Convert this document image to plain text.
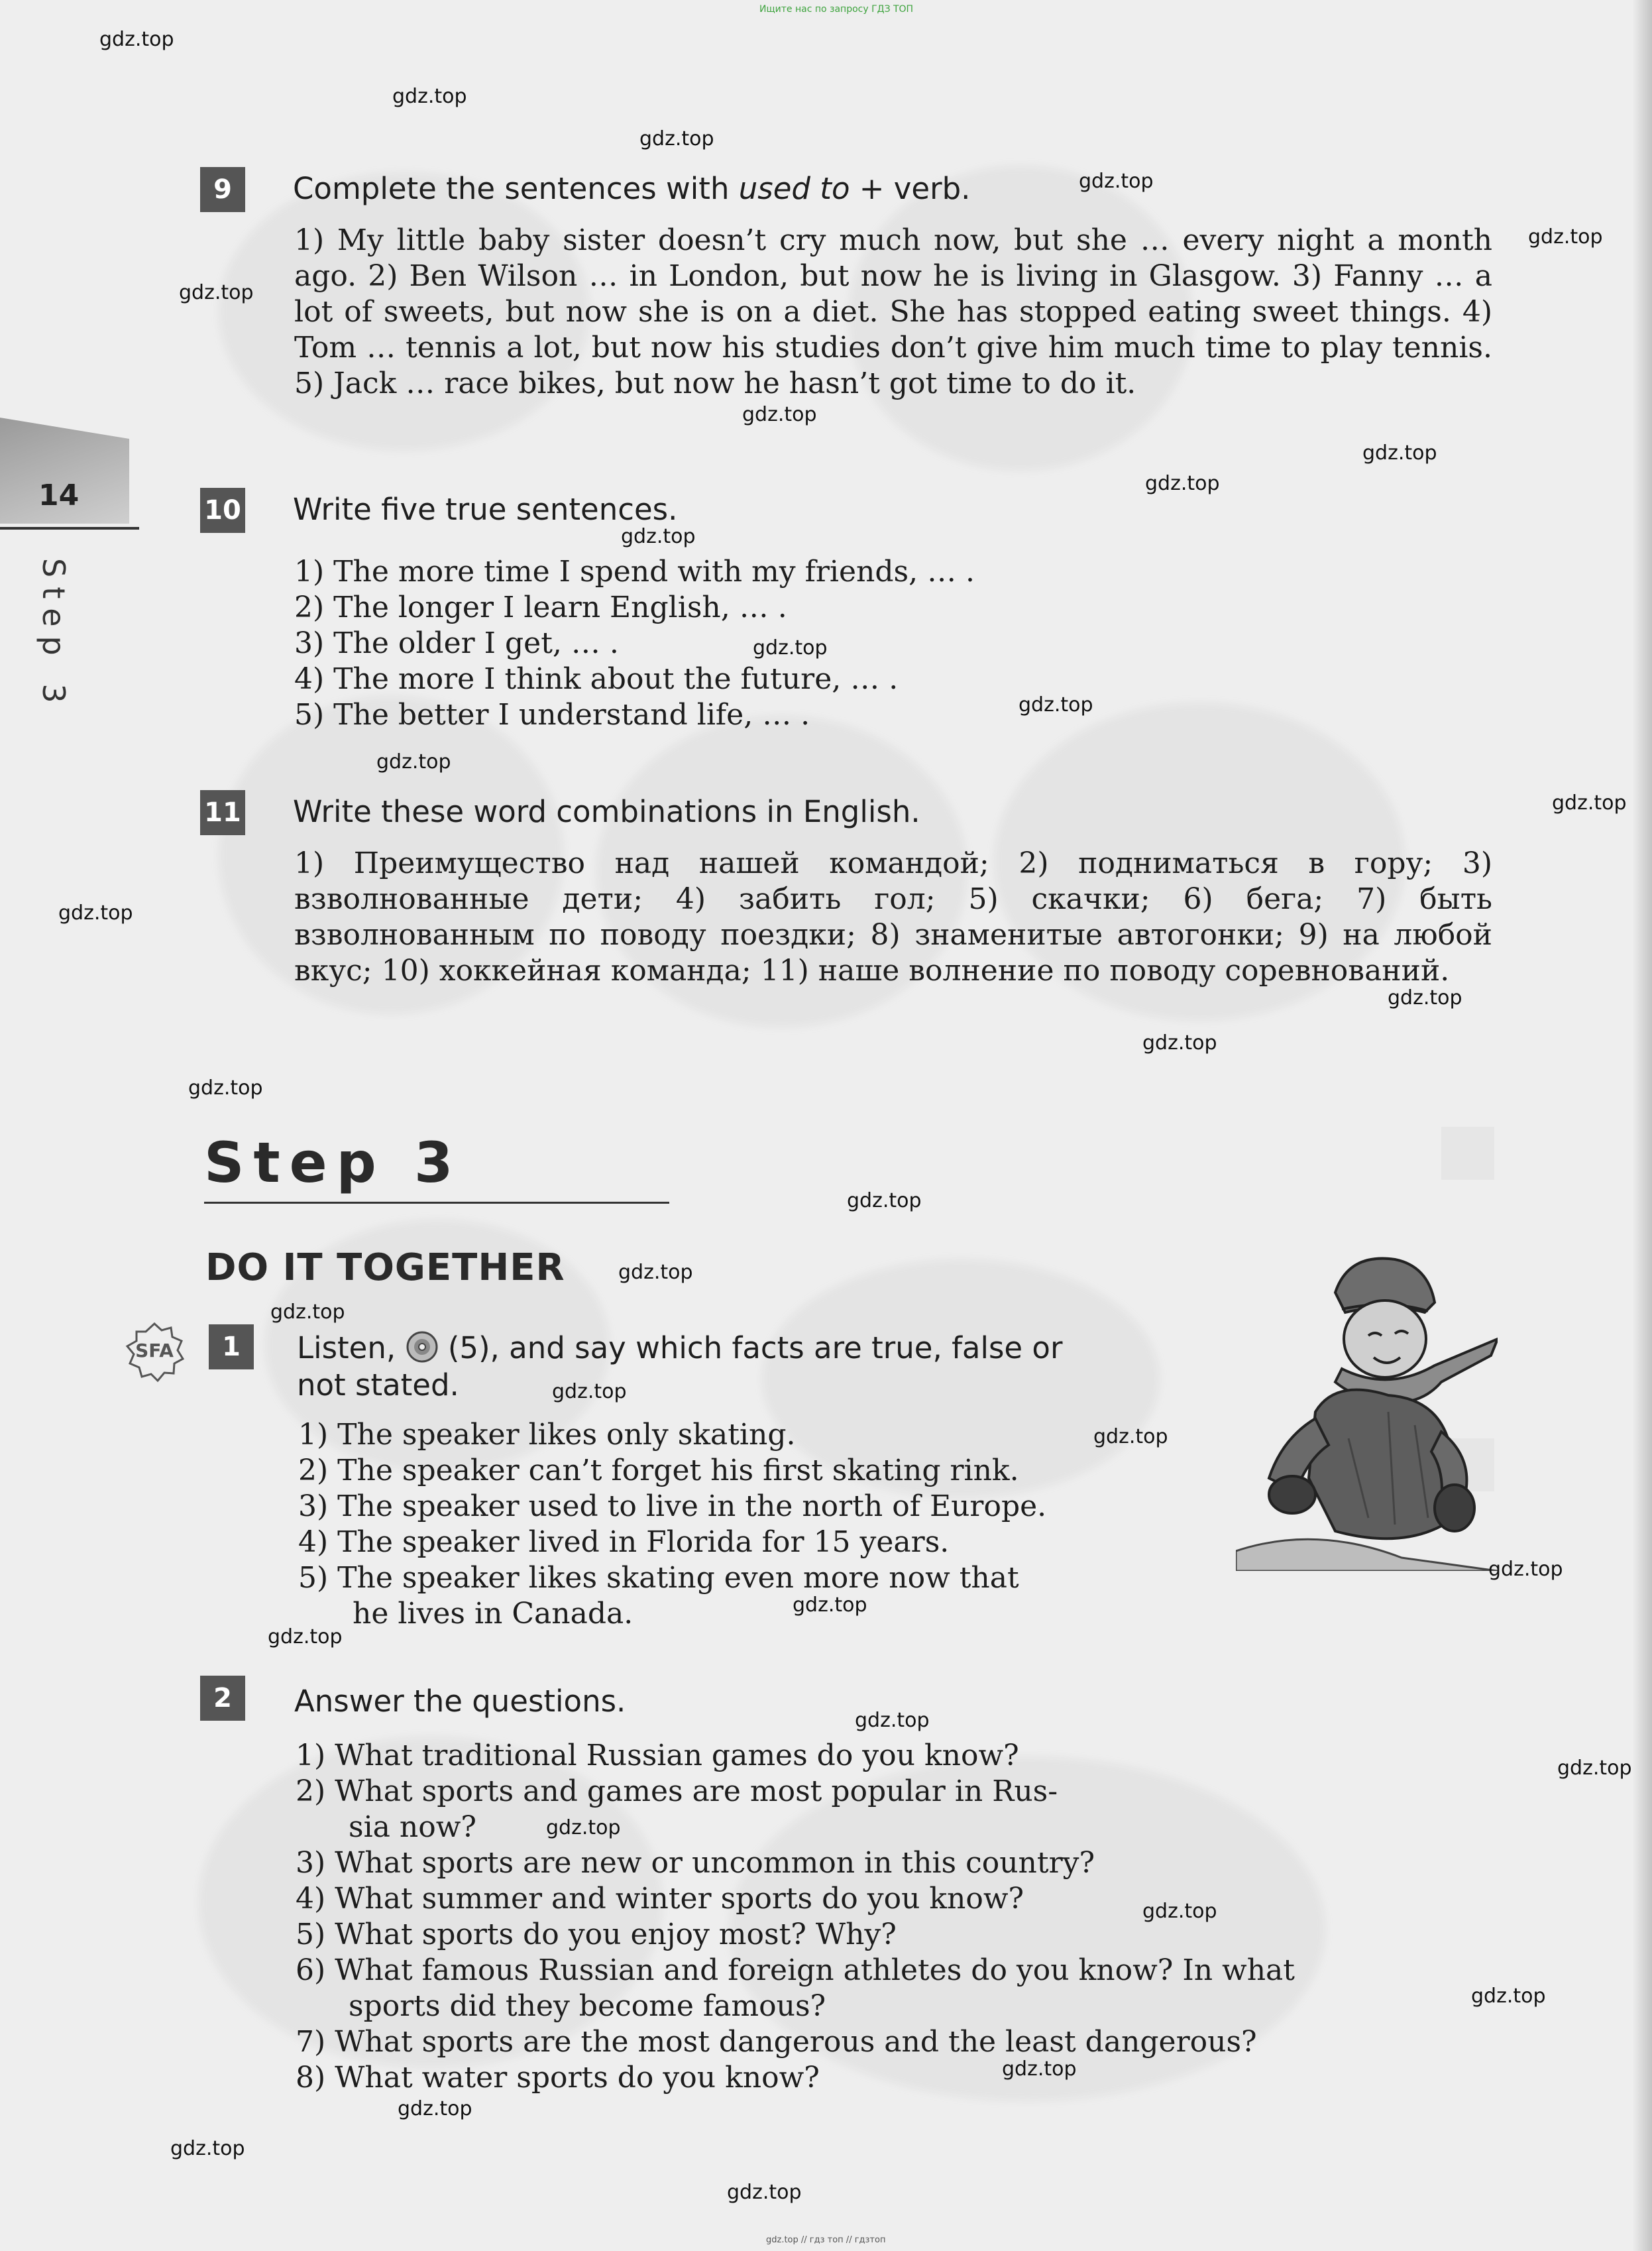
Ищите нас по запросу ГДЗ ТОП
gdz.top // гдз топ // гдзтоп
14
Step 3
9	Complete the sentences with used to + verb.
1) My little baby sister doesn’t cry much now, but she … every night a month ago. 2) Ben Wilson … in London, but now he is living in Glasgow. 3) Fanny … a lot of sweets, but now she is on a diet. She has stopped eating sweet things. 4) Tom … tennis a lot, but now his studies don’t give him much time to play tennis. 5) Jack … race bikes, but now he hasn’t got time to do it.
10 Write five true sentences.
1) The more time I spend with my friends, … .
2) The longer I learn English, … .
3) The older I get, … .
4) The more I think about the future, … .
5) The better I understand life, … .
11 Write these word combinations in English.
1) Преимущество над нашей командой; 2) подниматься в гору; 3) взволнованные дети; 4) забить гол; 5) скачки; 6) бега; 7) быть взволнованным по поводу поездки; 8) знаменитые автогонки; 9) на любой вкус; 10) хоккейная команда; 11) наше волнение по поводу соревнований.
Step 3
DO IT TOGETHER
SFA	1	Listen, (5), and say which facts are true, false or
not stated.
1) The speaker likes only skating.
2) The speaker can’t forget his first skating rink.
3) The speaker used to live in the north of Europe.
4) The speaker lived in Florida for 15 years.
5) The speaker likes skating even more now that
he lives in Canada.
2	Answer the questions.
1) What traditional Russian games do you know?
2) What sports and games are most popular in Rus-
sia now?
3) What sports are new or uncommon in this country?
4) What summer and winter sports do you know?
5) What sports do you enjoy most? Why?
6) What famous Russian and foreign athletes do you know? In what
sports did they become famous?
7) What sports are the most dangerous and the least dangerous?
8) What water sports do you know?
gdz.top
gdz.top
gdz.top
gdz.top
gdz.top
gdz.top
gdz.top
gdz.top
gdz.top
gdz.top
gdz.top
gdz.top
gdz.top
gdz.top
gdz.top
gdz.top
gdz.top
gdz.top
gdz.top
gdz.top
gdz.top
gdz.top
gdz.top
gdz.top
gdz.top
gdz.top
gdz.top
gdz.top
gdz.top
gdz.top
gdz.top
gdz.top
gdz.top
gdz.top
gdz.top
